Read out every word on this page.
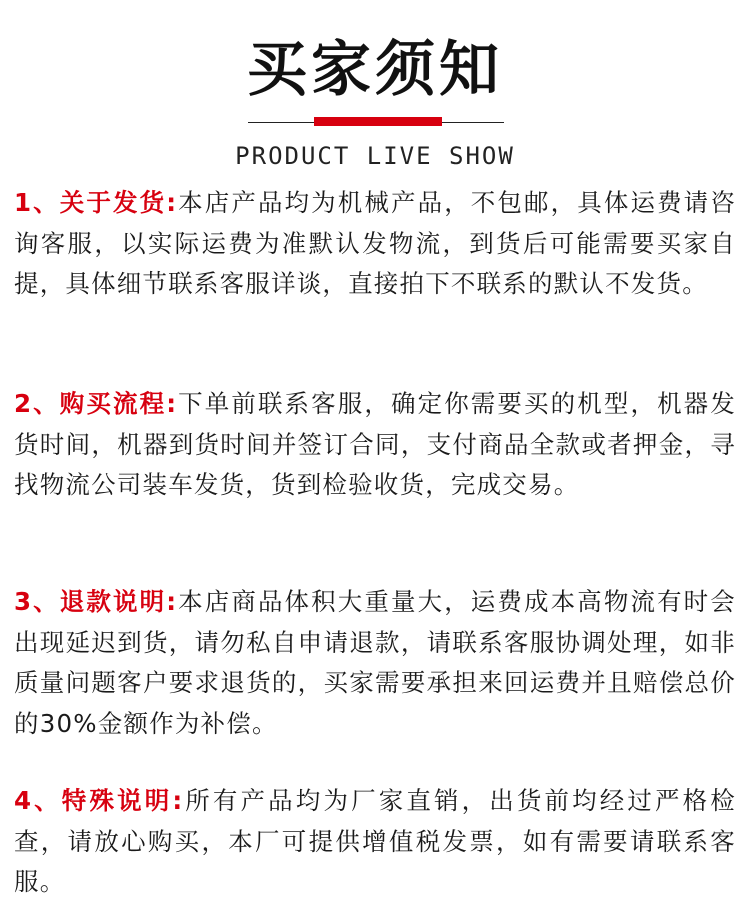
买家须知
PRODUCT LIVE SHOW

1、关于发货:本店产品均为机械产品，不包邮，具体运费请咨询客服，以实际运费为准默认发物流，到货后可能需要买家自提，具体细节联系客服详谈，直接拍下不联系的默认不发货。

2、购买流程:下单前联系客服，确定你需要买的机型，机器发货时间，机器到货时间并签订合同，支付商品全款或者押金，寻找物流公司装车发货，货到检验收货，完成交易。

3、退款说明:本店商品体积大重量大，运费成本高物流有时会出现延迟到货，请勿私自申请退款，请联系客服协调处理，如非质量问题客户要求退货的，买家需要承担来回运费并且赔偿总价的30%金额作为补偿。

4、特殊说明:所有产品均为厂家直销，出货前均经过严格检查，请放心购买，本厂可提供增值税发票，如有需要请联系客服。
